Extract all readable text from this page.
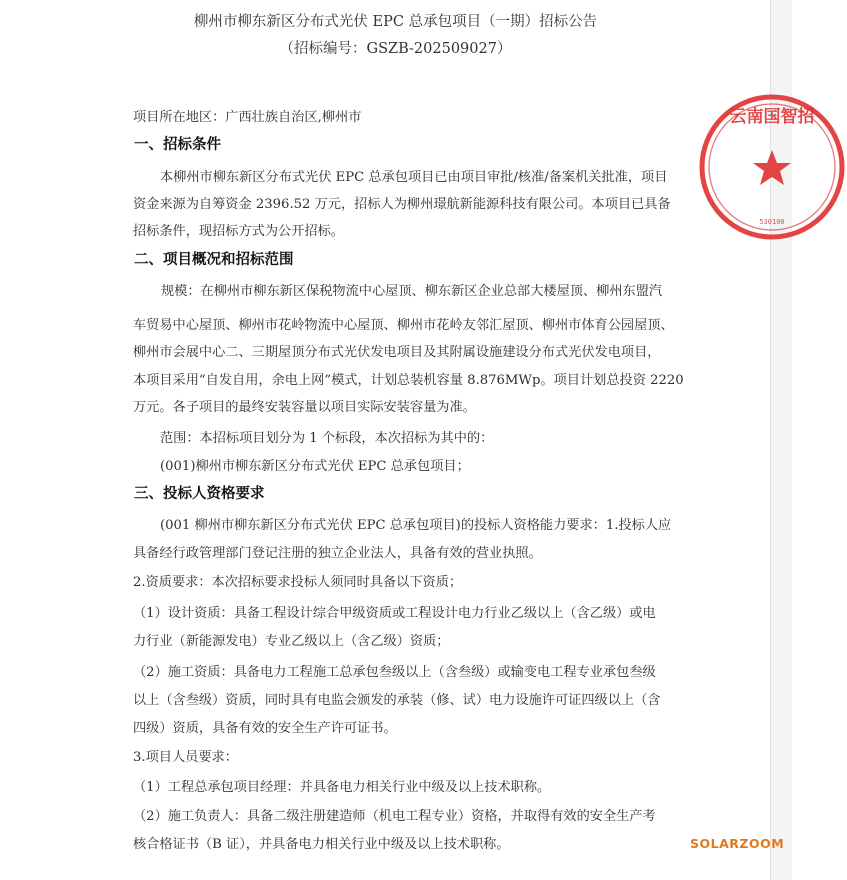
柳州市柳东新区分布式光伏 EPC 总承包项目（一期）招标公告
（招标编号：GSZB-202509027）
项目所在地区：广西壮族自治区,柳州市
一、招标条件
本柳州市柳东新区分布式光伏 EPC 总承包项目已由项目审批/核准/备案机关批准，项目
资金来源为自筹资金 2396.52 万元，招标人为柳州璟航新能源科技有限公司。本项目已具备
招标条件，现招标方式为公开招标。
二、项目概况和招标范围
规模：在柳州市柳东新区保税物流中心屋顶、柳东新区企业总部大楼屋顶、柳州东盟汽
车贸易中心屋顶、柳州市花岭物流中心屋顶、柳州市花岭友邻汇屋顶、柳州市体育公园屋顶、
柳州市会展中心二、三期屋顶分布式光伏发电项目及其附属设施建设分布式光伏发电项目，
本项目采用“自发自用，余电上网”模式，计划总装机容量 8.876MWp。项目计划总投资 2220
万元。各子项目的最终安装容量以项目实际安装容量为准。
范围：本招标项目划分为 1 个标段，本次招标为其中的：
(001)柳州市柳东新区分布式光伏 EPC 总承包项目；
三、投标人资格要求
(001 柳州市柳东新区分布式光伏 EPC 总承包项目)的投标人资格能力要求：1.投标人应
具备经行政管理部门登记注册的独立企业法人，具备有效的营业执照。
2.资质要求：本次招标要求投标人须同时具备以下资质；
（1）设计资质：具备工程设计综合甲级资质或工程设计电力行业乙级以上（含乙级）或电
力行业（新能源发电）专业乙级以上（含乙级）资质；
（2）施工资质：具备电力工程施工总承包叁级以上（含叁级）或输变电工程专业承包叁级
以上（含叁级）资质，同时具有电监会颁发的承装（修、试）电力设施许可证四级以上（含
四级）资质，具备有效的安全生产许可证书。
3.项目人员要求：
（1）工程总承包项目经理：并具备电力相关行业中级及以上技术职称。
（2）施工负责人：具备二级注册建造师（机电工程专业）资格，并取得有效的安全生产考
核合格证书（B 证），并具备电力相关行业中级及以上技术职称。
云南国智招
530100
SOLARZOOM
